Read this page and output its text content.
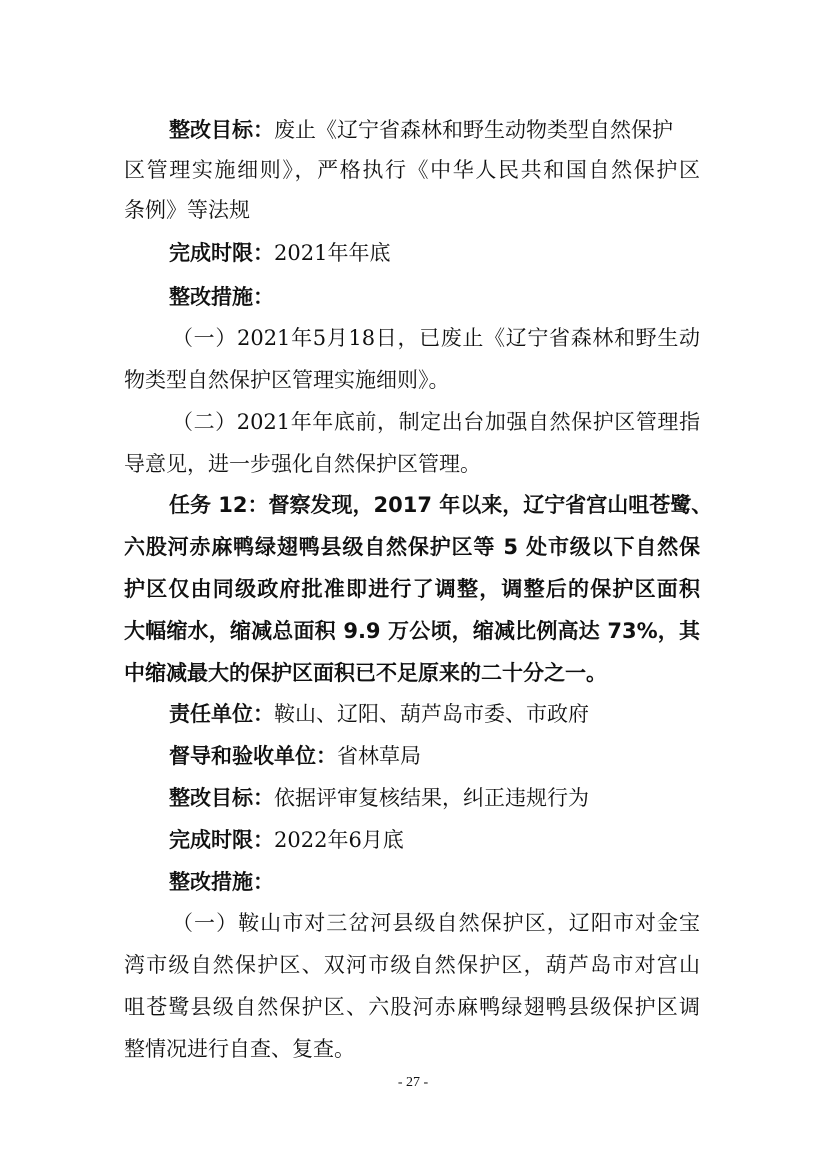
整改目标：废止《辽宁省森林和野生动物类型自然保护
区管理实施细则》，严格执行《中华人民共和国自然保护区
条例》等法规
完成时限：2021年年底
整改措施：
（一）2021年5月18日，已废止《辽宁省森林和野生动
物类型自然保护区管理实施细则》。
（二）2021年年底前，制定出台加强自然保护区管理指
导意见，进一步强化自然保护区管理。
任务 12：督察发现，2017 年以来，辽宁省宫山咀苍鹭、
六股河赤麻鸭绿翅鸭县级自然保护区等 5 处市级以下自然保
护区仅由同级政府批准即进行了调整，调整后的保护区面积
大幅缩水，缩减总面积 9.9 万公顷，缩减比例高达 73%，其
中缩减最大的保护区面积已不足原来的二十分之一。
责任单位：鞍山、辽阳、葫芦岛市委、市政府
督导和验收单位：省林草局
整改目标：依据评审复核结果，纠正违规行为
完成时限：2022年6月底
整改措施：
（一）鞍山市对三岔河县级自然保护区，辽阳市对金宝
湾市级自然保护区、双河市级自然保护区，葫芦岛市对宫山
咀苍鹭县级自然保护区、六股河赤麻鸭绿翅鸭县级保护区调
整情况进行自查、复查。
- 27 -
